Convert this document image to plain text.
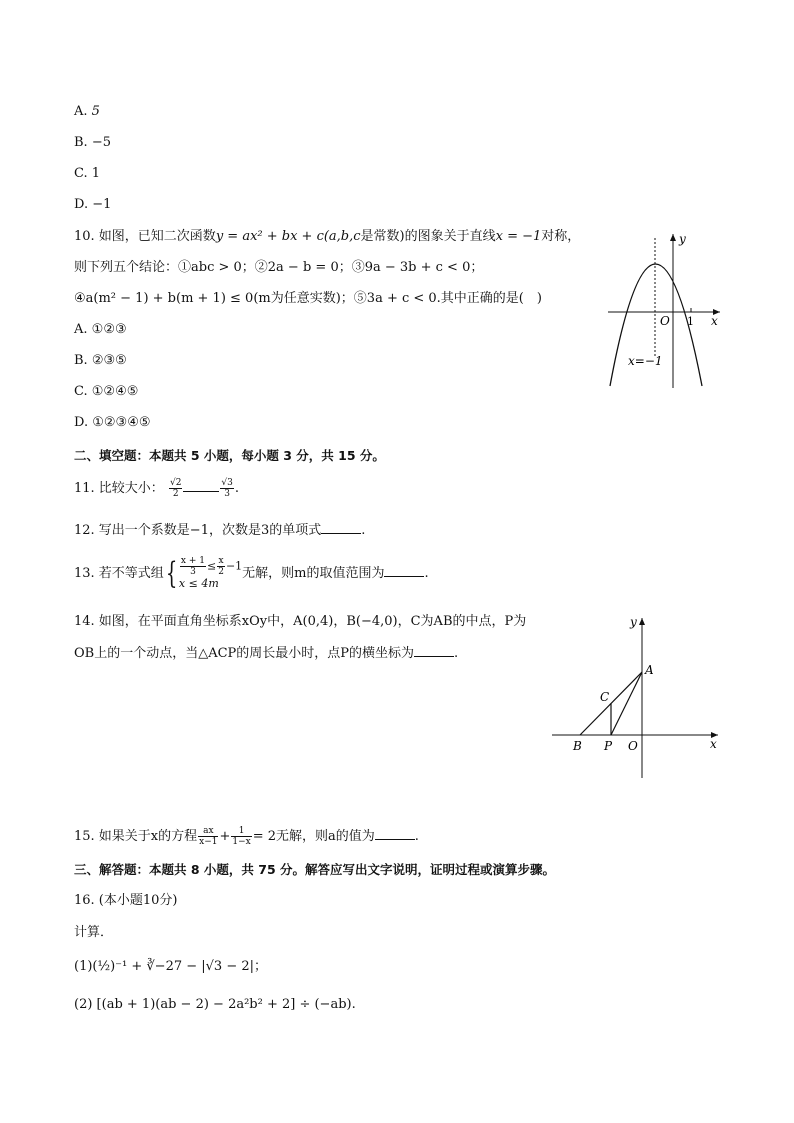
A. 5
B. −5
C. 1
D. −1
10. 如图，已知二次函数y = ax² + bx + c(a,b,c是常数)的图象关于直线x = −1对称，
则下列五个结论：①abc > 0；②2a − b = 0；③9a − 3b + c < 0；
④a(m² − 1) + b(m + 1) ≤ 0(m为任意实数)；⑤3a + c < 0.其中正确的是(　)
A. ①②③
B. ②③⑤
C. ①②④⑤
D. ①②③④⑤
y
x
O 1
x=−1
二、填空题：本题共 5 小题，每小题 3 分，共 15 分。
11. 比较大小： $\frac{√2}{2}$	$\frac{√3}{3}$ .
12. 写出一个系数是−1，次数是3的单项式	.
13. 若不等式组{ $\frac{x + 1}{3} \le \frac{x}{2} -1$
x ≤ 4m
无解，则m的取值范围为	.
14. 如图，在平面直角坐标系xOy中，A(0,4)，B(−4,0)，C为AB的中点，P为
OB上的一个动点，当△ACP的周长最小时，点P的横坐标为	.
y
x
A
C
B P O
15. 如果关于x的方程 $\frac{ax}{x-1} + \frac{1}{1-x} = 2$无解，则a的值为	.
三、解答题：本题共 8 小题，共 75 分。解答应写出文字说明，证明过程或演算步骤。
16. (本小题10分)
计算．
(1)(½)⁻¹ + ∛−27 − |√3 − 2|；
(2) [(ab + 1)(ab − 2) − 2a²b² + 2] ÷ (−ab).
